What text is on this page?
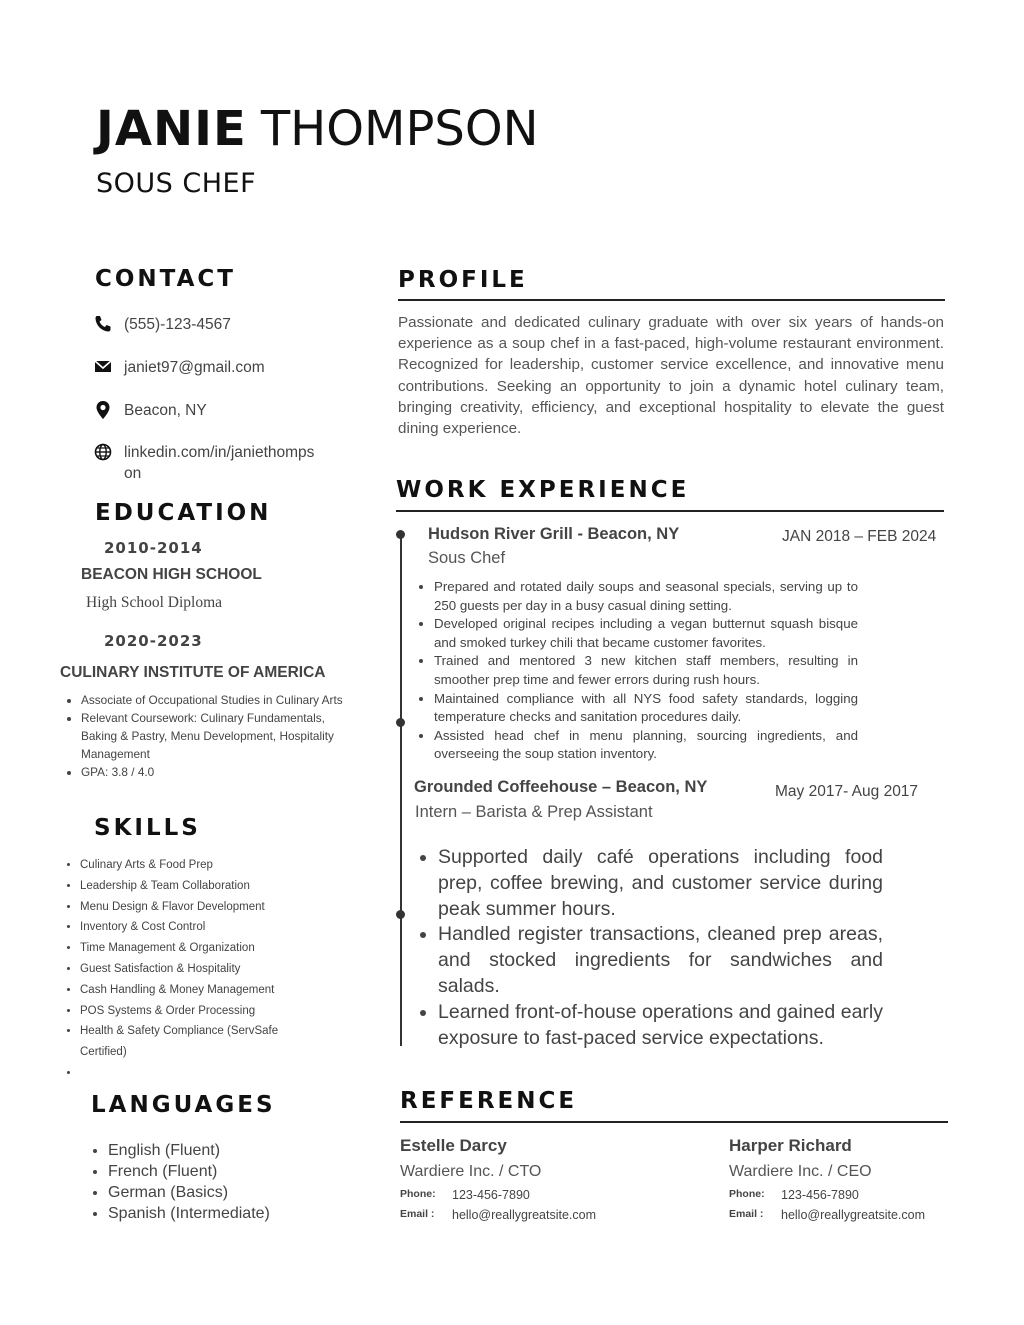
JANIE THOMPSON
SOUS CHEF
CONTACT
(555)-123-4567
janiet97@gmail.com
Beacon, NY
linkedin.com/in/janiethompson
EDUCATION
2010-2014
BEACON HIGH SCHOOL
High School Diploma
2020-2023
CULINARY INSTITUTE OF AMERICA
• Associate of Occupational Studies in Culinary Arts
• Relevant Coursework: Culinary Fundamentals, Baking & Pastry, Menu Development, Hospitality Management
• GPA: 3.8 / 4.0
SKILLS
• Culinary Arts & Food Prep
• Leadership & Team Collaboration
• Menu Design & Flavor Development
• Inventory & Cost Control
• Time Management & Organization
• Guest Satisfaction & Hospitality
• Cash Handling & Money Management
• POS Systems & Order Processing
• Health & Safety Compliance (ServSafe Certified)
•
LANGUAGES
• English (Fluent)
• French (Fluent)
• German (Basics)
• Spanish (Intermediate)
PROFILE
Passionate and dedicated culinary graduate with over six years of hands-on experience as a soup chef in a fast-paced, high-volume restaurant environment. Recognized for leadership, customer service excellence, and innovative menu contributions. Seeking an opportunity to join a dynamic hotel culinary team, bringing creativity, efficiency, and exceptional hospitality to elevate the guest dining experience.
WORK EXPERIENCE
Hudson River Grill - Beacon, NY	JAN 2018 – FEB 2024
Sous Chef
• Prepared and rotated daily soups and seasonal specials, serving up to 250 guests per day in a busy casual dining setting.
• Developed original recipes including a vegan butternut squash bisque and smoked turkey chili that became customer favorites.
• Trained and mentored 3 new kitchen staff members, resulting in smoother prep time and fewer errors during rush hours.
• Maintained compliance with all NYS food safety standards, logging temperature checks and sanitation procedures daily.
• Assisted head chef in menu planning, sourcing ingredients, and overseeing the soup station inventory.
Grounded Coffeehouse – Beacon, NY	May 2017- Aug 2017
Intern – Barista & Prep Assistant
• Supported daily café operations including food prep, coffee brewing, and customer service during peak summer hours.
• Handled register transactions, cleaned prep areas, and stocked ingredients for sandwiches and salads.
• Learned front-of-house operations and gained early exposure to fast-paced service expectations.
REFERENCE
Estelle Darcy
Wardiere Inc. / CTO
Phone:	123-456-7890
Email :	hello@reallygreatsite.com
Harper Richard
Wardiere Inc. / CEO
Phone:	123-456-7890
Email :	hello@reallygreatsite.com
